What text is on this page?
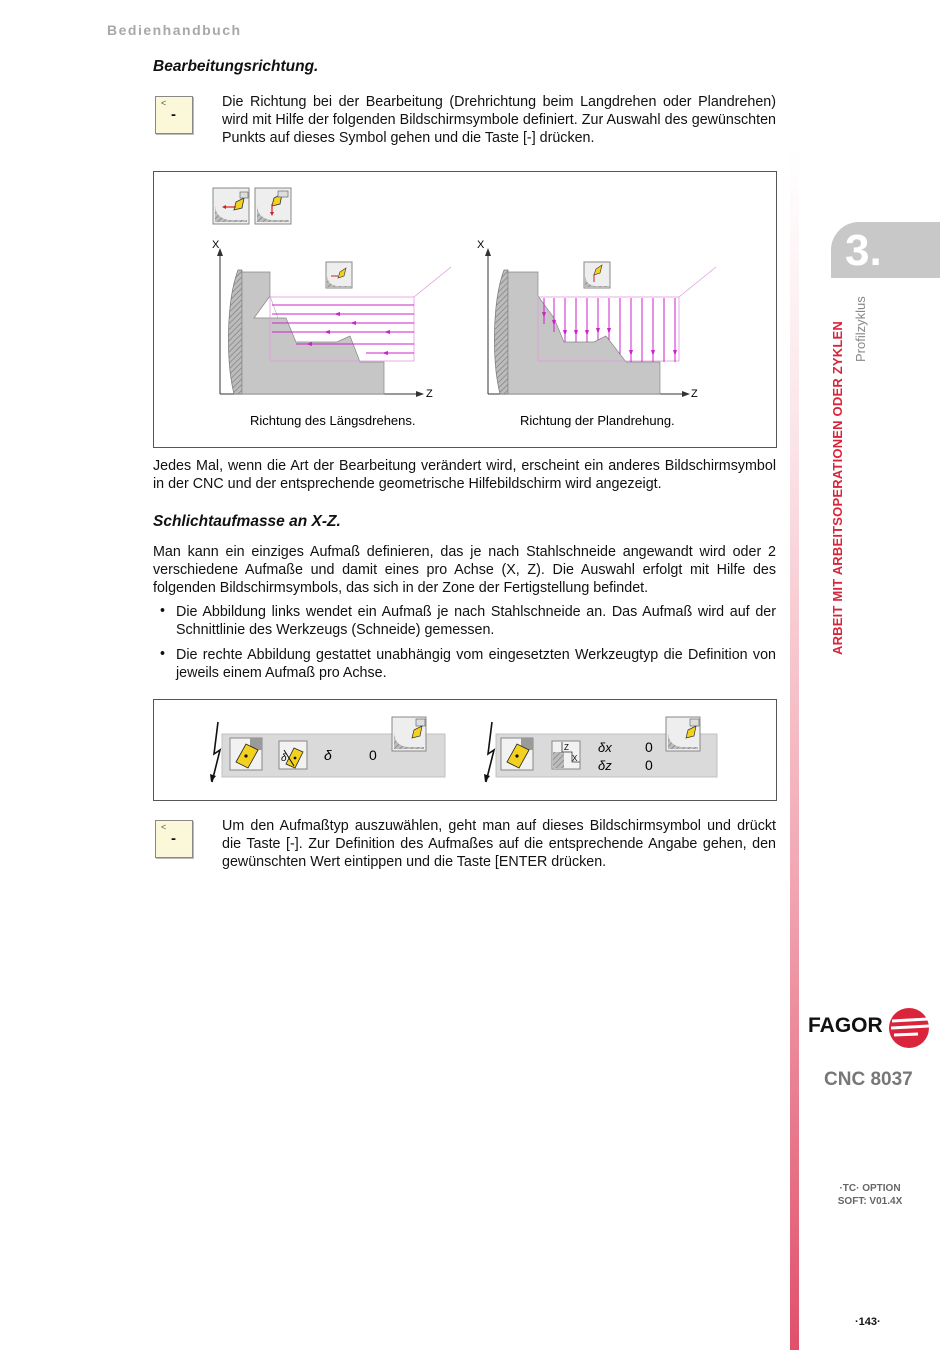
Bedienhandbuch
Bearbeitungsrichtung.
<
-
Die Richtung bei der Bearbeitung (Drehrichtung beim Langdrehen oder Plandrehen) wird mit Hilfe der folgenden Bildschirmsymbole definiert. Zur Auswahl des gewünschten Punkts auf dieses Symbol gehen und die Taste [-] drücken.
X
Z
Richtung des Längsdrehens.
X
Z
Richtung der Plandrehung.
Jedes Mal, wenn die Art der Bearbeitung verändert wird, erscheint ein anderes Bildschirmsymbol in der CNC und der entsprechende geometrische Hilfebildschirm wird angezeigt.
Schlichtaufmasse an X-Z.
Man kann ein einziges Aufmaß definieren, das je nach Stahlschneide angewandt wird oder 2 verschiedene Aufmaße und damit eines pro Achse (X, Z). Die Auswahl erfolgt mit Hilfe des folgenden Bildschirmsymbols, das sich in der Zone der Fertigstellung befindet.
• Die Abbildung links wendet ein Aufmaß je nach Stahlschneide an. Das Aufmaß wird auf der Schnittlinie des Werkzeugs (Schneide) gemessen.
• Die rechte Abbildung gestattet unabhängig vom eingesetzten Werkzeugtyp die Definition von jeweils einem Aufmaß pro Achse.
δ	δ	0	Z
X
δx 0
δz 0
<
-
Um den Aufmaßtyp auszuwählen, geht man auf dieses Bildschirmsymbol und drückt die Taste [-]. Zur Definition des Aufmaßes auf die entsprechende Angabe gehen, den gewünschten Wert eintippen und die Taste [ENTER drücken.
3.
ARBEIT MIT ARBEITSOPERATIONEN ODER ZYKLEN Profilzyklus
FAGOR
CNC 8037
·TC· OPTION
SOFT: V01.4X
·143·
